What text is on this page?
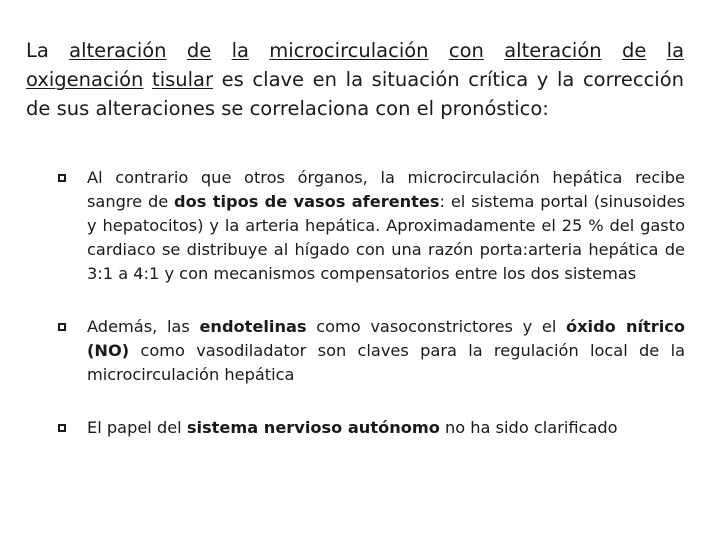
La alteración de la microcirculación con alteración de la oxigenación tisular es clave en la situación crítica y la corrección de sus alteraciones se correlaciona con el pronóstico:

Al contrario que otros órganos, la microcirculación hepática recibe sangre de dos tipos de vasos aferentes: el sistema portal (sinusoides y hepatocitos) y la arteria hepática. Aproximadamente el 25 % del gasto cardiaco se distribuye al hígado con una razón porta:arteria hepática de 3:1 a 4:1 y con mecanismos compensatorios entre los dos sistemas
Además, las endotelinas como vasoconstrictores y el óxido nítrico (NO) como vasodiladator son claves para la regulación local de la microcirculación hepática
El papel del sistema nervioso autónomo no ha sido clarificado
